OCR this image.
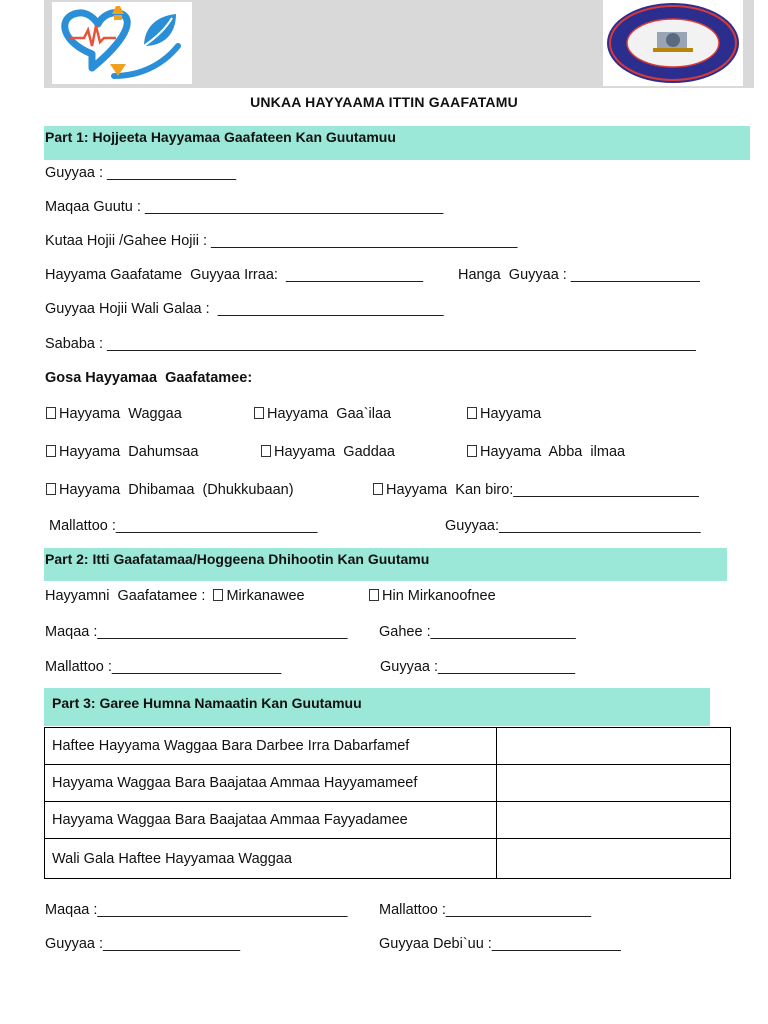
UNKAA HAYYAAMA ITTIN GAAFATAMU
Part 1: Hojjeeta Hayyamaa Gaafateen Kan Guutamuu
Guyyaa : ________________
Maqaa Guutu : _____________________________________
Kutaa Hojii /Gahee Hojii : ______________________________________
Hayyama Gaafatame  Guyyaa Irraa:  _________________ Hanga  Guyyaa : ________________
Guyyaa Hojii Wali Galaa :  ____________________________
Sababa : _________________________________________________________________________
Gosa Hayyamaa  Gaafatamee:
Hayyama  Waggaa	Hayyama  Gaa`ilaa	Hayyama
Hayyama  Dahumsaa	Hayyama  Gaddaa	Hayyama  Abba  ilmaa
Hayyama  Dhibamaa  (Dhukkubaan)	Hayyama  Kan biro:_______________________
Mallattoo :_________________________	Guyyaa:_________________________
Part 2: Itti Gaafatamaa/Hoggeena Dhihootin Kan Guutamu
Hayyamni  Gaafatamee : Mirkanawee	Hin Mirkanoofnee
Maqaa :_______________________________ Gahee :__________________
Mallattoo :_____________________	Guyyaa :_________________
Part 3: Garee Humna Namaatin Kan Guutamuu
Haftee Hayyama Waggaa Bara Darbee Irra Dabarfamef	
Hayyama Waggaa Bara Baajataa Ammaa Hayyamameef	
Hayyama Waggaa Bara Baajataa Ammaa Fayyadamee	
Wali Gala Haftee Hayyamaa Waggaa	
Maqaa :_______________________________ Mallattoo :__________________
Guyyaa :_________________	Guyyaa Debi`uu :________________
